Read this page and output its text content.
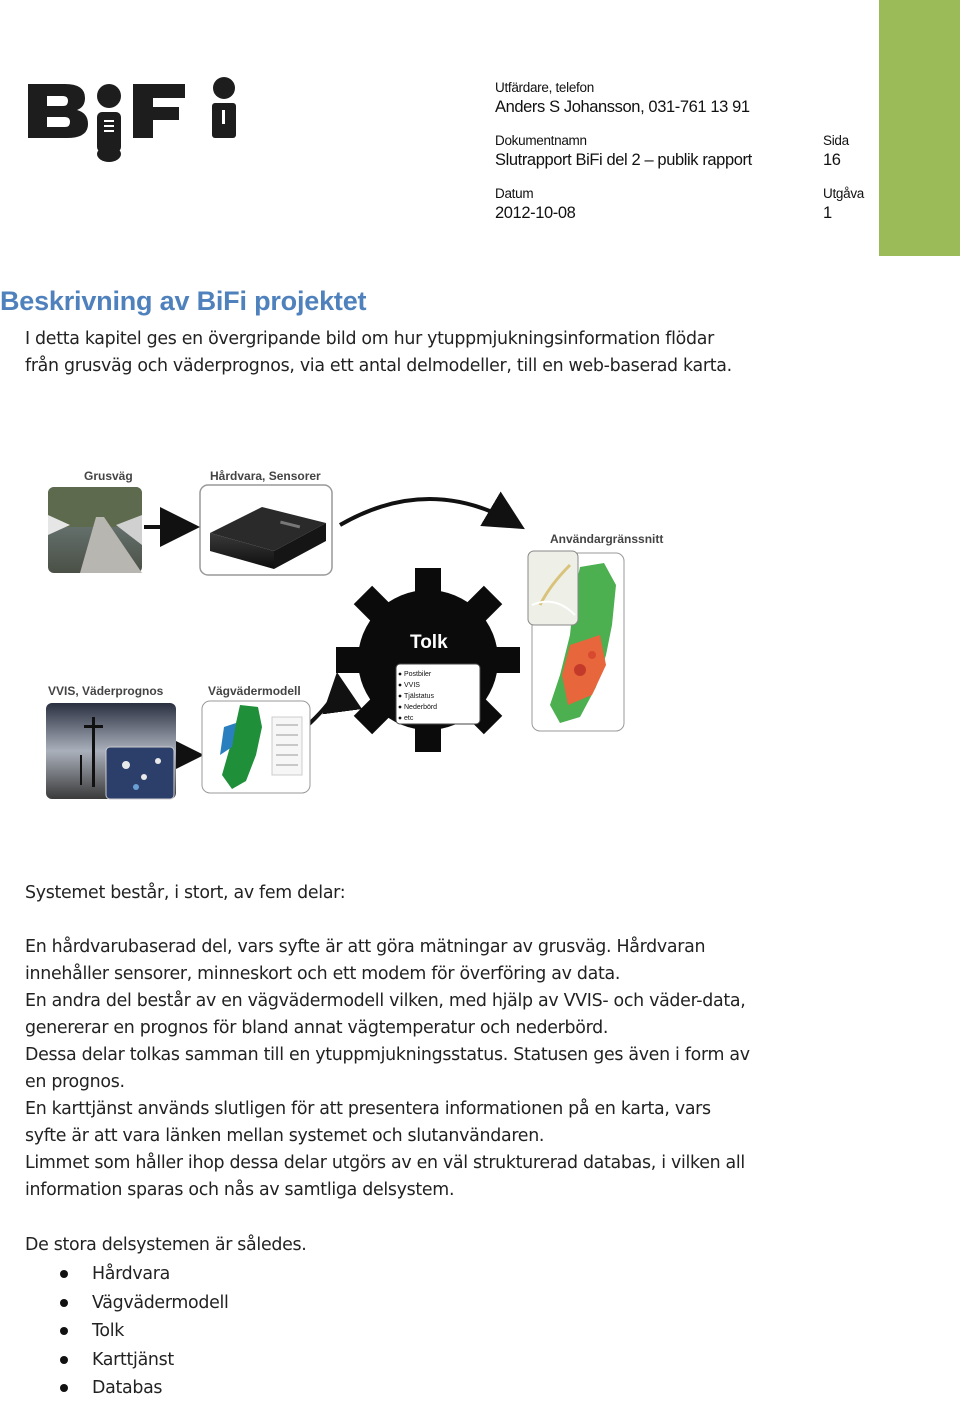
Utfärdare, telefon
Anders S Johansson, 031-761 13 91
Dokumentnamn
Slutrapport BiFi del 2 – publik rapport
Sida
16
Datum
2012-10-08
Utgåva
1
Beskrivning av BiFi projektet

I detta kapitel ges en övergripande bild om hur ytuppmjukningsinformation flödar

från grusväg och väderprognos, via ett antal delmodeller, till en web-baserad karta.

Grusväg	Hårdvara, Sensorer
Användargränssnitt
VVIS, Väderprognos	Vägvädermodell
Tolk
Postbiler
VVIS
Tjälstatus
Nederbörd
etc

Systemet består, i stort, av fem delar:

En hårdvarubaserad del, vars syfte är att göra mätningar av grusväg. Hårdvaran

innehåller sensorer, minneskort och ett modem för överföring av data.

En andra del består av en vägvädermodell vilken, med hjälp av VVIS- och väder-data,

genererar en prognos för bland annat vägtemperatur och nederbörd.

Dessa delar tolkas samman till en ytuppmjukningsstatus. Statusen ges även i form av

en prognos.

En karttjänst används slutligen för att presentera informationen på en karta, vars

syfte är att vara länken mellan systemet och slutanvändaren.

Limmet som håller ihop dessa delar utgörs av en väl strukturerad databas, i vilken all

information sparas och nås av samtliga delsystem.

De stora delsystemen är således.

Hårdvara
Vägvädermodell
Tolk
Karttjänst
Databas
